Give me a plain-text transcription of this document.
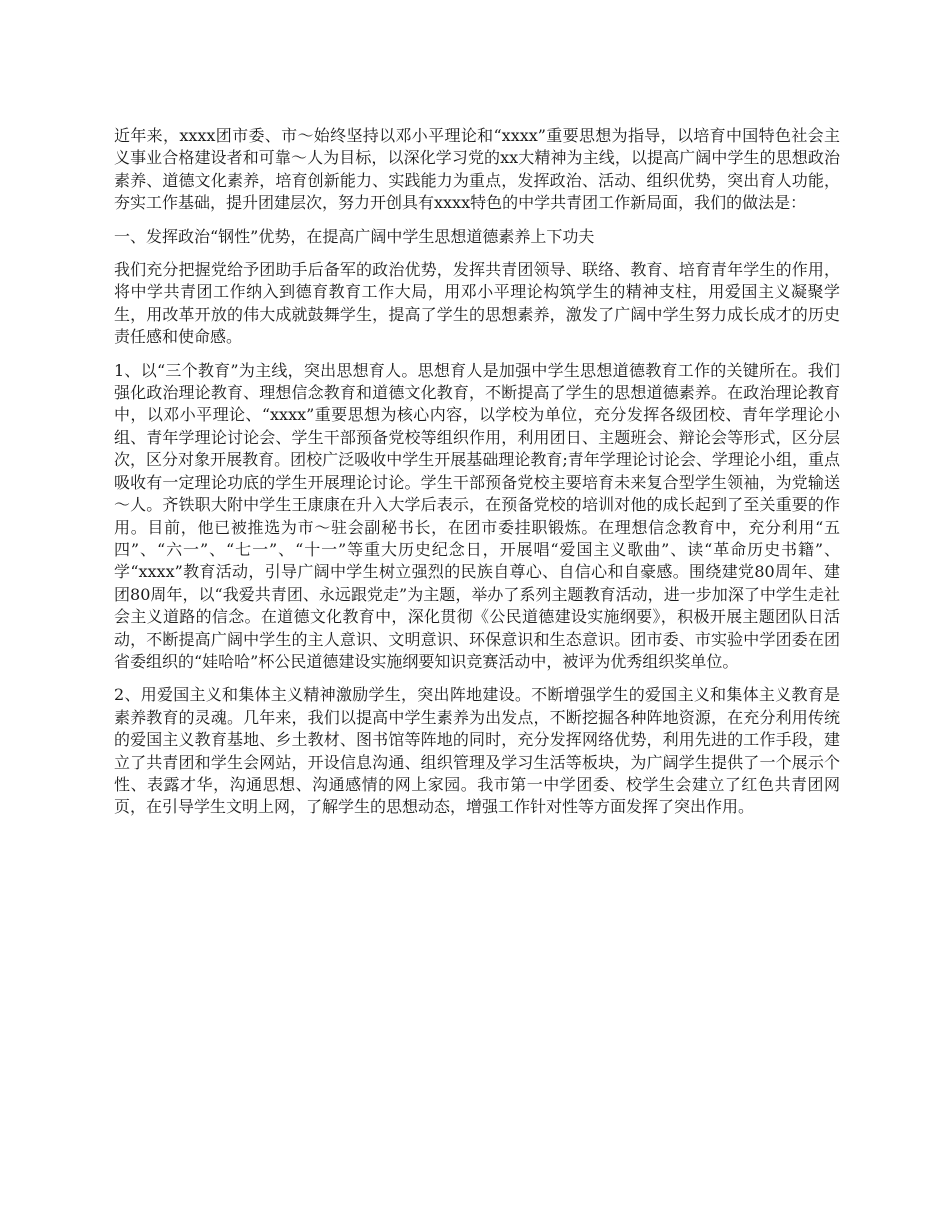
近年来，xxxx团市委、市～始终坚持以邓小平理论和“xxxx”重要思想为指导，以培育中国特色社会主义事业合格建设者和可靠～人为目标，以深化学习党的xx大精神为主线，以提高广阔中学生的思想政治素养、道德文化素养，培育创新能力、实践能力为重点，发挥政治、活动、组织优势，突出育人功能，夯实工作基础，提升团建层次，努力开创具有xxxx特色的中学共青团工作新局面，我们的做法是：

一、发挥政治“钢性”优势，在提高广阔中学生思想道德素养上下功夫

我们充分把握党给予团助手后备军的政治优势，发挥共青团领导、联络、教育、培育青年学生的作用，将中学共青团工作纳入到德育教育工作大局，用邓小平理论构筑学生的精神支柱，用爱国主义凝聚学生，用改革开放的伟大成就鼓舞学生，提高了学生的思想素养，激发了广阔中学生努力成长成才的历史责任感和使命感。

1、以“三个教育”为主线，突出思想育人。思想育人是加强中学生思想道德教育工作的关键所在。我们强化政治理论教育、理想信念教育和道德文化教育，不断提高了学生的思想道德素养。在政治理论教育中，以邓小平理论、“xxxx”重要思想为核心内容，以学校为单位，充分发挥各级团校、青年学理论小组、青年学理论讨论会、学生干部预备党校等组织作用，利用团日、主题班会、辩论会等形式，区分层次，区分对象开展教育。团校广泛吸收中学生开展基础理论教育;青年学理论讨论会、学理论小组，重点吸收有一定理论功底的学生开展理论讨论。学生干部预备党校主要培育未来复合型学生领袖，为党输送～人。齐铁职大附中学生王康康在升入大学后表示，在预备党校的培训对他的成长起到了至关重要的作用。目前，他已被推选为市～驻会副秘书长，在团市委挂职锻炼。在理想信念教育中，充分利用“五四”、“六一”、“七一”、“十一”等重大历史纪念日，开展唱“爱国主义歌曲”、读“革命历史书籍”、学“xxxx”教育活动，引导广阔中学生树立强烈的民族自尊心、自信心和自豪感。围绕建党80周年、建团80周年，以“我爱共青团、永远跟党走”为主题，举办了系列主题教育活动，进一步加深了中学生走社会主义道路的信念。在道德文化教育中，深化贯彻《公民道德建设实施纲要》，积极开展主题团队日活动，不断提高广阔中学生的主人意识、文明意识、环保意识和生态意识。团市委、市实验中学团委在团省委组织的“娃哈哈”杯公民道德建设实施纲要知识竞赛活动中，被评为优秀组织奖单位。

2、用爱国主义和集体主义精神激励学生，突出阵地建设。不断增强学生的爱国主义和集体主义教育是素养教育的灵魂。几年来，我们以提高中学生素养为出发点，不断挖掘各种阵地资源，在充分利用传统的爱国主义教育基地、乡土教材、图书馆等阵地的同时，充分发挥网络优势，利用先进的工作手段，建立了共青团和学生会网站，开设信息沟通、组织管理及学习生活等板块，为广阔学生提供了一个展示个性、表露才华，沟通思想、沟通感情的网上家园。我市第一中学团委、校学生会建立了红色共青团网页，在引导学生文明上网，了解学生的思想动态，增强工作针对性等方面发挥了突出作用。
